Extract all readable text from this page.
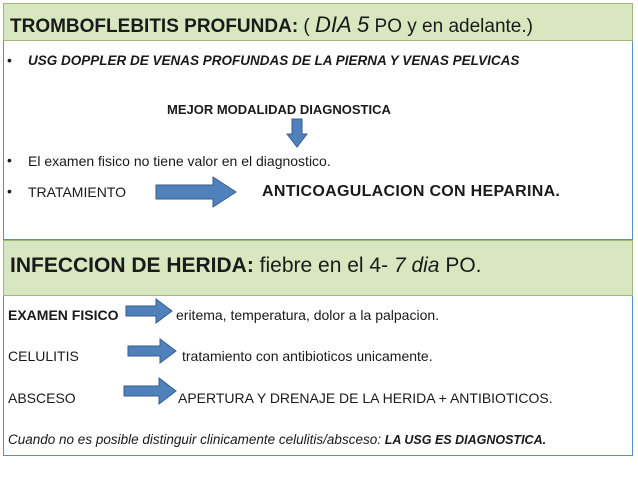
TROMBOFLEBITIS PROFUNDA: ( DIA 5 PO y en adelante.)
• USG DOPPLER DE VENAS PROFUNDAS DE LA PIERNA Y VENAS PELVICAS
MEJOR MODALIDAD DIAGNOSTICA
• El examen fisico no tiene valor en el diagnostico.
• TRATAMIENTO	ANTICOAGULACION CON HEPARINA.
INFECCION DE HERIDA: fiebre en el 4- 7 dia PO.
EXAMEN FISICO	eritema, temperatura, dolor a la palpacion.
CELULITIS	tratamiento con antibioticos unicamente.
ABSCESO	APERTURA Y DRENAJE DE LA HERIDA + ANTIBIOTICOS.
Cuando no es posible distinguir clinicamente celulitis/absceso: LA USG ES DIAGNOSTICA.
